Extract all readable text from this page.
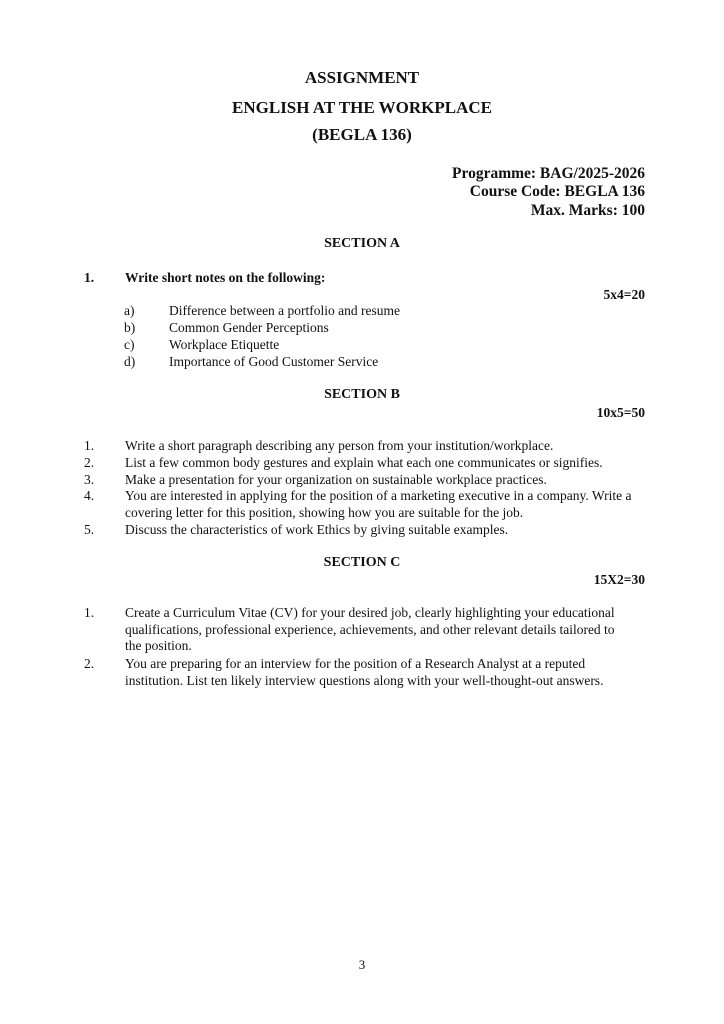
ASSIGNMENT
ENGLISH AT THE WORKPLACE
(BEGLA 136)
Programme: BAG/2025-2026
Course Code: BEGLA 136
Max. Marks: 100
SECTION A
1. Write short notes on the following:
5x4=20
a)	Difference between a portfolio and resume
b)	Common Gender Perceptions
c)	Workplace Etiquette
d)	Importance of Good Customer Service
SECTION B
10x5=50
1. Write a short paragraph describing any person from your institution/workplace.
2. List a few common body gestures and explain what each one communicates or signifies.
3. Make a presentation for your organization on sustainable workplace practices.
4. You are interested in applying for the position of a marketing executive in a company. Write a covering letter for this position, showing how you are suitable for the job.
5. Discuss the characteristics of work Ethics by giving suitable examples.
SECTION C
15X2=30
1. Create a Curriculum Vitae (CV) for your desired job, clearly highlighting your educational qualifications, professional experience, achievements, and other relevant details tailored to the position.
2. You are preparing for an interview for the position of a Research Analyst at a reputed institution. List ten likely interview questions along with your well-thought-out answers.
3
